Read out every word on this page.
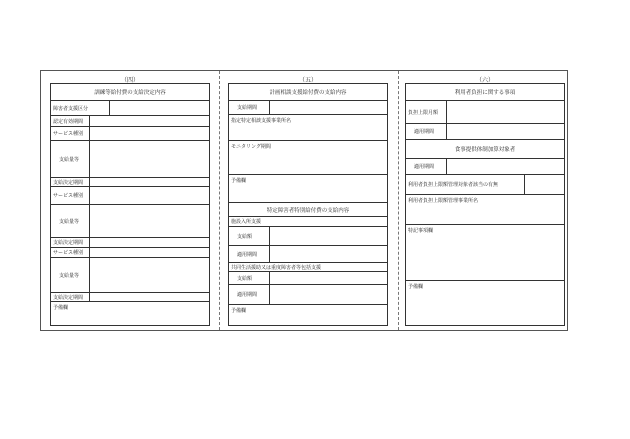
（四）
訓練等給付費の支給決定内容
障害者支援区分
認定有効期間
サービス種別
支給量等
支給決定期間
サービス種別
支給量等
支給決定期間
サービス種別
支給量等
支給決定期間
予備欄
（五）
計画相談支援給付費の支給内容
支給期間
指定特定相談支援事業所名
モニタリング期間
予備欄
特定障害者特別給付費の支給内容
施設入所支援
支給額
適用期間
共同生活援助又は重度障害者等包括支援
支給額
適用期間
予備欄
（六）
利用者負担に関する事項
負担上限月額
適用期間
食事提供体制加算対象者
適用期間
利用者負担上限額管理対象者該当の有無
利用者負担上限額管理事業所名
特記事項欄
予備欄
